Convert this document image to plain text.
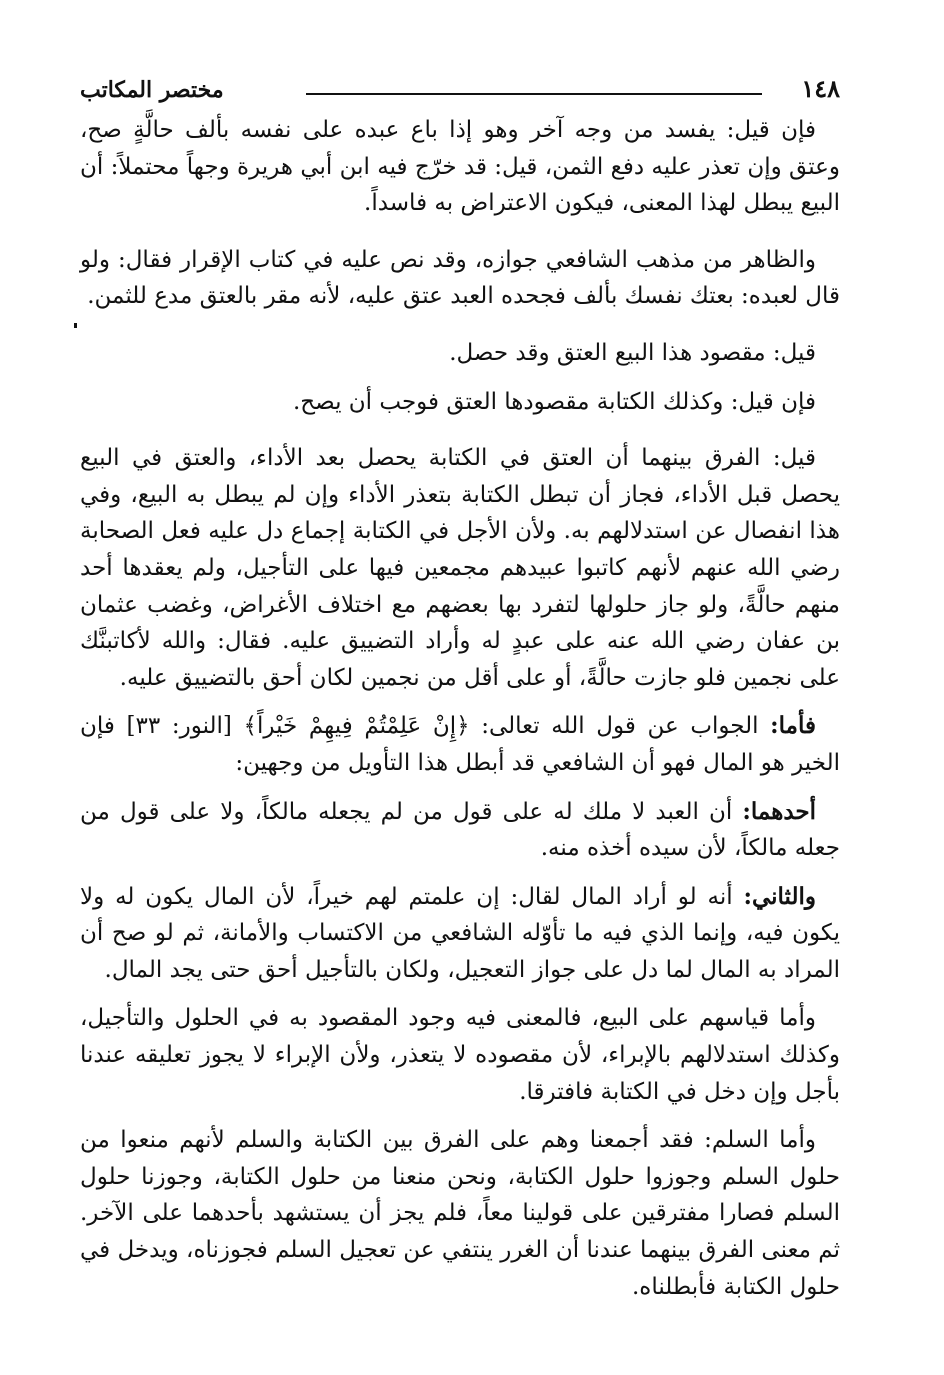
١٤٨
مختصر المكاتب

فإن قيل: يفسد من وجه آخر وهو إذا باع عبده على نفسه بألف حالَّةٍ صح، وعتق وإن تعذر عليه دفع الثمن، قيل: قد خرّج فيه ابن أبي هريرة وجهاً محتملاً: أن البيع يبطل لهذا المعنى، فيكون الاعتراض به فاسداً.

والظاهر من مذهب الشافعي جوازه، وقد نص عليه في كتاب الإقرار فقال: ولو قال لعبده: بعتك نفسك بألف فجحده العبد عتق عليه، لأنه مقر بالعتق مدع للثمن.

قيل: مقصود هذا البيع العتق وقد حصل.

فإن قيل: وكذلك الكتابة مقصودها العتق فوجب أن يصح.

قيل: الفرق بينهما أن العتق في الكتابة يحصل بعد الأداء، والعتق في البيع يحصل قبل الأداء، فجاز أن تبطل الكتابة بتعذر الأداء وإن لم يبطل به البيع، وفي هذا انفصال عن استدلالهم به. ولأن الأجل في الكتابة إجماع دل عليه فعل الصحابة رضي الله عنهم لأنهم كاتبوا عبيدهم مجمعين فيها على التأجيل، ولم يعقدها أحد منهم حالَّةً، ولو جاز حلولها لتفرد بها بعضهم مع اختلاف الأغراض، وغضب عثمان بن عفان رضي الله عنه على عبدٍ له وأراد التضييق عليه. فقال: والله لأكاتبنَّك على نجمين فلو جازت حالَّةً، أو على أقل من نجمين لكان أحق بالتضييق عليه.

فأما: الجواب عن قول الله تعالى: ﴿إِنْ عَلِمْتُمْ فِيهِمْ خَيْراً﴾ [النور: ٣٣] فإن الخير هو المال فهو أن الشافعي قد أبطل هذا التأويل من وجهين:

أحدهما: أن العبد لا ملك له على قول من لم يجعله مالكاً، ولا على قول من جعله مالكاً، لأن سيده أخذه منه.

والثاني: أنه لو أراد المال لقال: إن علمتم لهم خيراً، لأن المال يكون له ولا يكون فيه، وإنما الذي فيه ما تأوّله الشافعي من الاكتساب والأمانة، ثم لو صح أن المراد به المال لما دل على جواز التعجيل، ولكان بالتأجيل أحق حتى يجد المال.

وأما قياسهم على البيع، فالمعنى فيه وجود المقصود به في الحلول والتأجيل، وكذلك استدلالهم بالإبراء، لأن مقصوده لا يتعذر، ولأن الإبراء لا يجوز تعليقه عندنا بأجل وإن دخل في الكتابة فافترقا.

وأما السلم: فقد أجمعنا وهم على الفرق بين الكتابة والسلم لأنهم منعوا من حلول السلم وجوزوا حلول الكتابة، ونحن منعنا من حلول الكتابة، وجوزنا حلول السلم فصارا مفترقين على قولينا معاً، فلم يجز أن يستشهد بأحدهما على الآخر. ثم معنى الفرق بينهما عندنا أن الغرر ينتفي عن تعجيل السلم فجوزناه، ويدخل في حلول الكتابة فأبطلناه.
